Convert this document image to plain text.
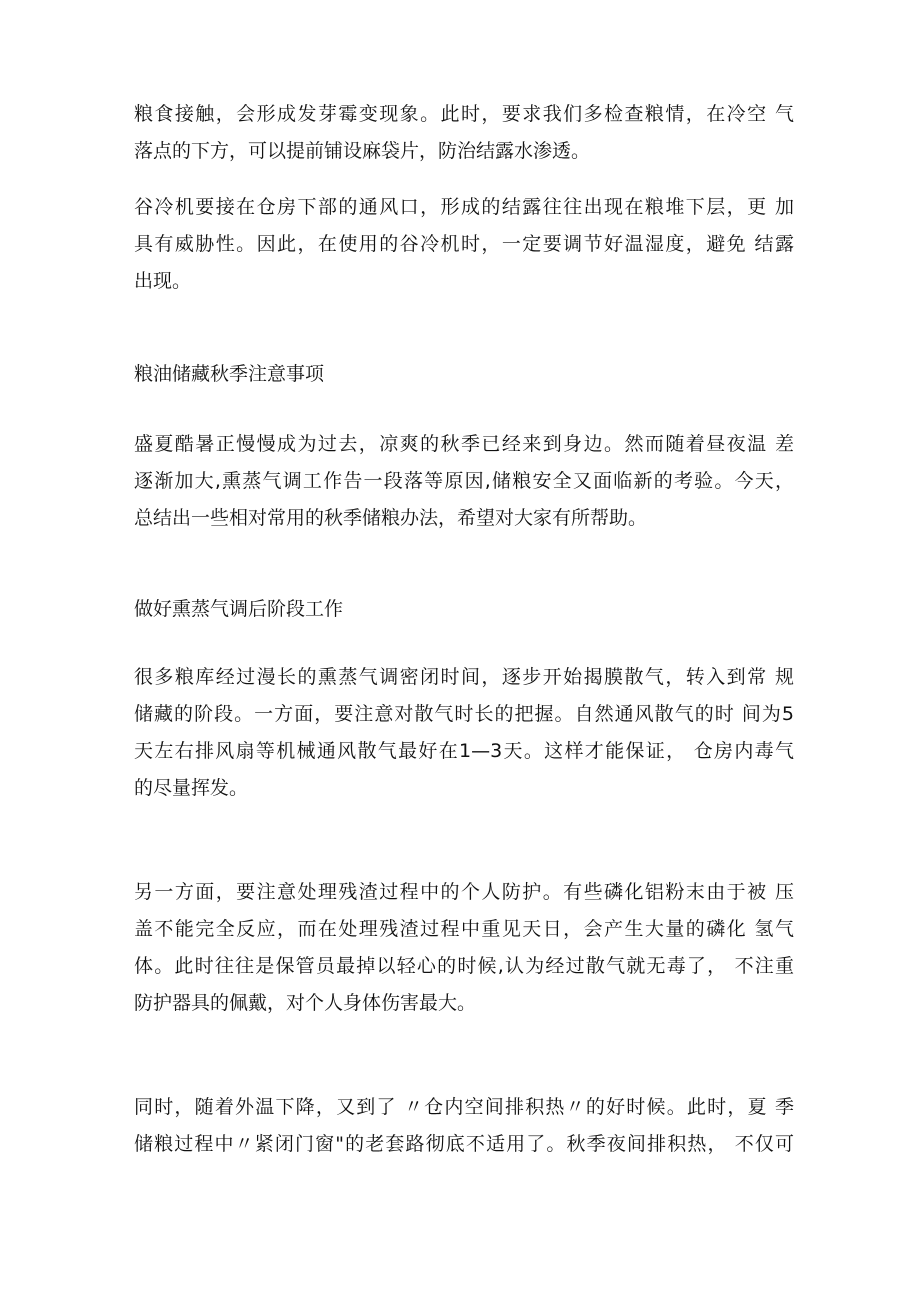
粮食接触，会形成发芽霉变现象。此时，要求我们多检查粮情，在冷空 气
落点的下方，可以提前铺设麻袋片，防治结露水渗透。
谷冷机要接在仓房下部的通风口，形成的结露往往出现在粮堆下层，更 加
具有威胁性。因此，在使用的谷冷机时，一定要调节好温湿度，避免 结露
出现。
粮油储藏秋季注意事项
盛夏酷暑正慢慢成为过去，凉爽的秋季已经来到身边。然而随着昼夜温 差
逐渐加大,熏蒸气调工作告一段落等原因,储粮安全又面临新的考验。今天，
总结出一些相对常用的秋季储粮办法，希望对大家有所帮助。
做好熏蒸气调后阶段工作
很多粮库经过漫长的熏蒸气调密闭时间，逐步开始揭膜散气，转入到常 规
储藏的阶段。一方面，要注意对散气时长的把握。自然通风散气的时 间为5
天左右排风扇等机械通风散气最好在1—3天。这样才能保证， 仓房内毒气
的尽量挥发。
另一方面，要注意处理残渣过程中的个人防护。有些磷化铝粉末由于被 压
盖不能完全反应，而在处理残渣过程中重见天日，会产生大量的磷化 氢气
体。此时往往是保管员最掉以轻心的时候,认为经过散气就无毒了， 不注重
防护器具的佩戴，对个人身体伤害最大。
同时，随着外温下降，又到了 〃仓内空间排积热〃的好时候。此时，夏 季
储粮过程中〃紧闭门窗"的老套路彻底不适用了。秋季夜间排积热， 不仅可
